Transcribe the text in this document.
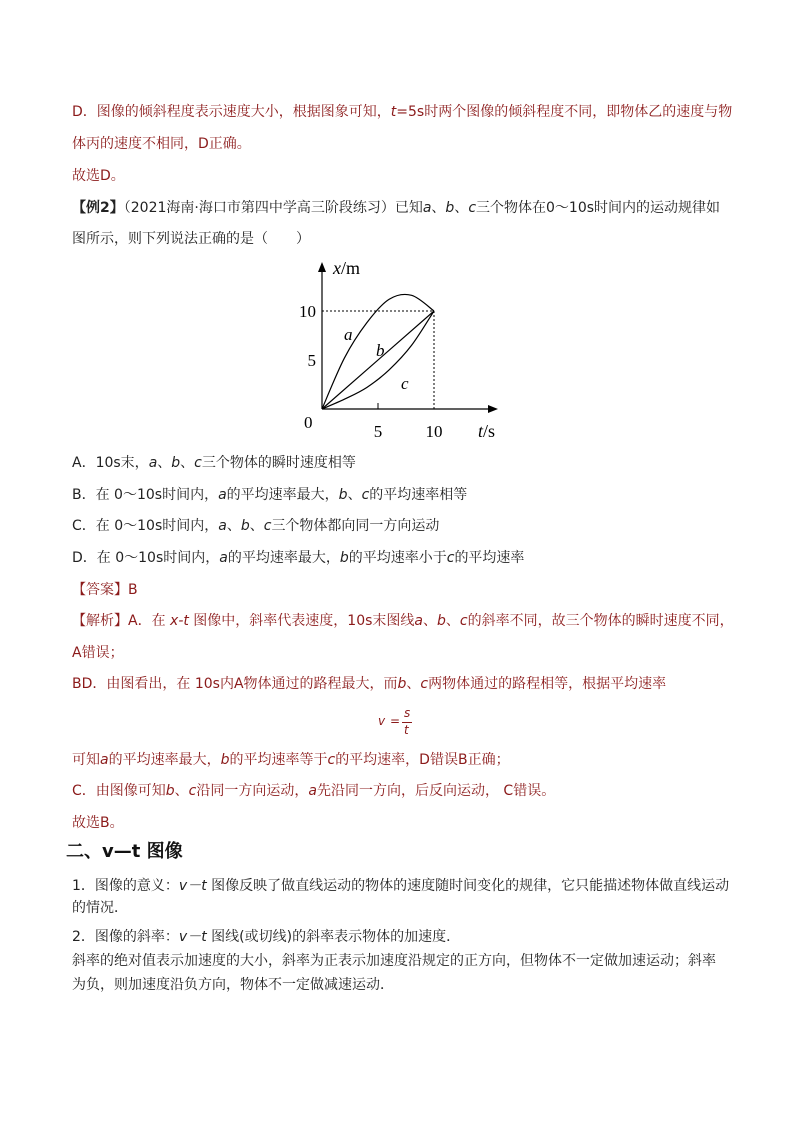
D．图像的倾斜程度表示速度大小，根据图象可知，t=5s时两个图像的倾斜程度不同，即物体乙的速度与物
体丙的速度不相同，D正确。
故选D。
【例2】（2021海南·海口市第四中学高三阶段练习）已知a、b、c三个物体在0～10s时间内的运动规律如
图所示，则下列说法正确的是（　　）
a
b
c
0	5	10
5
10
t/s
x/m
A．10s末，a、b、c三个物体的瞬时速度相等
B．在 0～10s时间内，a的平均速率最大，b、c的平均速率相等
C．在 0～10s时间内，a、b、c三个物体都向同一方向运动
D．在 0～10s时间内，a的平均速率最大，b的平均速率小于c的平均速率
【答案】B
【解析】A．在 x-t 图像中，斜率代表速度，10s末图线a、b、c的斜率不同，故三个物体的瞬时速度不同，
A错误；
BD．由图看出，在 10s内A物体通过的路程最大，而b、c两物体通过的路程相等，根据平均速率
v =
s
t
可知a的平均速率最大，b的平均速率等于c的平均速率，D错误B正确；
C．由图像可知b、c沿同一方向运动，a先沿同一方向，后反向运动， C错误。
故选B。
二、v—t 图像
1．图像的意义：v－t 图像反映了做直线运动的物体的速度随时间变化的规律，它只能描述物体做直线运动
的情况．
2．图像的斜率：v－t 图线(或切线)的斜率表示物体的加速度．
斜率的绝对值表示加速度的大小，斜率为正表示加速度沿规定的正方向，但物体不一定做加速运动；斜率
为负，则加速度沿负方向，物体不一定做减速运动．
